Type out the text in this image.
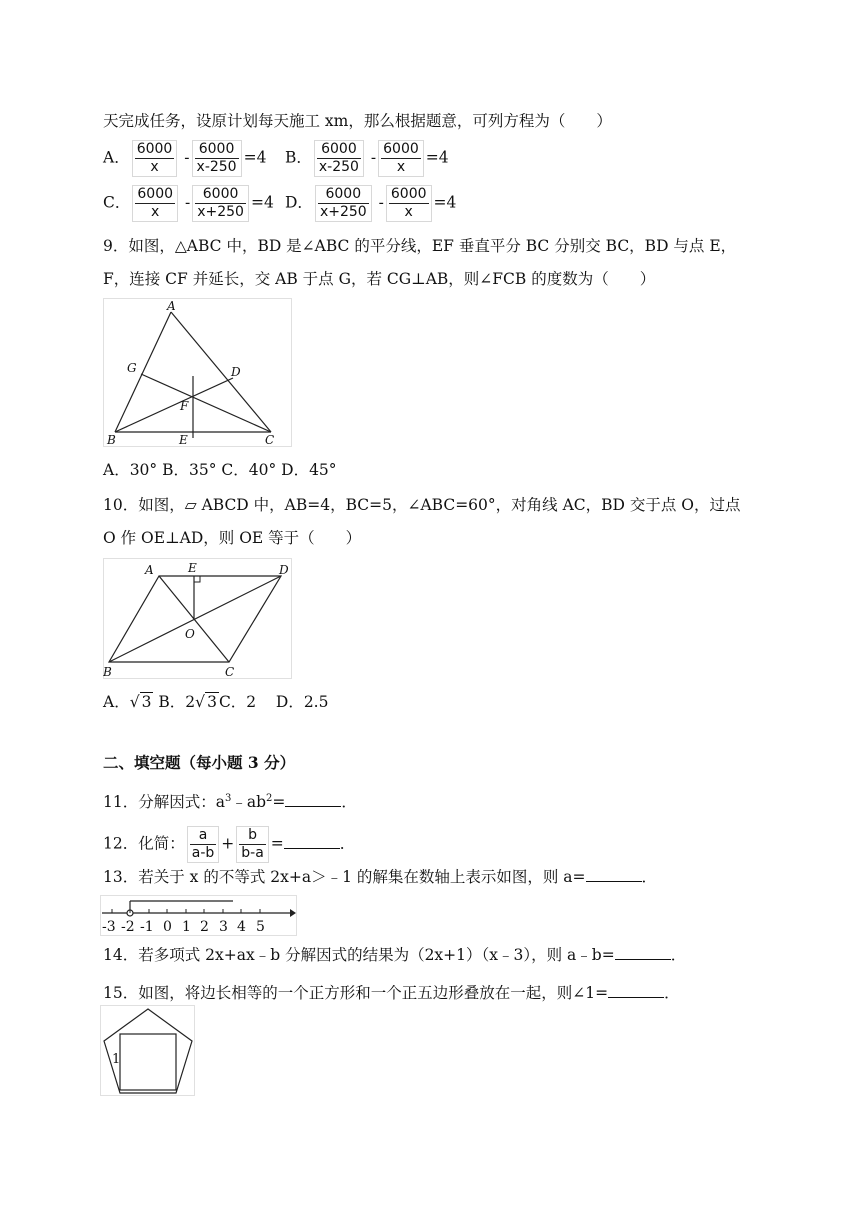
天完成任务，设原计划每天施工 xm，那么根据题意，可列方程为（　　）
A． $\frac{6000}{x} - \frac{6000}{x-250} =4$ B． $\frac{6000}{x-250} - \frac{6000}{x} =4$
C． $\frac{6000}{x} - \frac{6000}{x+250} =4$ D． $\frac{6000}{x+250} - \frac{6000}{x} =4$
9．如图，△ABC 中，BD 是∠ABC 的平分线，EF 垂直平分 BC 分别交 BC，BD 与点 E，
F，连接 CF 并延长，交 AB 于点 G，若 CG⊥AB，则∠FCB 的度数为（　　）
A
G	D
F
B	E	C
A．30° B．35° C．40° D．45°
10．如图，▱ ABCD 中，AB=4，BC=5，∠ABC=60°，对角线 AC，BD 交于点 O，过点
O 作 OE⊥AD，则 OE 等于（　　）
A	E	D
O
B	C
A．√ 3 B．2√ 3 C．2 D．2.5
二、填空题（每小题 3 分）
11．分解因式：$a^3﹣ab^2=$	．
12．化简： $\frac{a}{a-b} + \frac{b}{b-a}$ =	．
13．若关于 x 的不等式 2x+a＞﹣1 的解集在数轴上表示如图，则 a=	．
-3 -2 -1 0 1 2 3 4 5
14．若多项式 2x+ax﹣b 分解因式的结果为（2x+1）（x﹣3），则 a﹣b=	．
15．如图，将边长相等的一个正方形和一个正五边形叠放在一起，则∠1=	．
1
